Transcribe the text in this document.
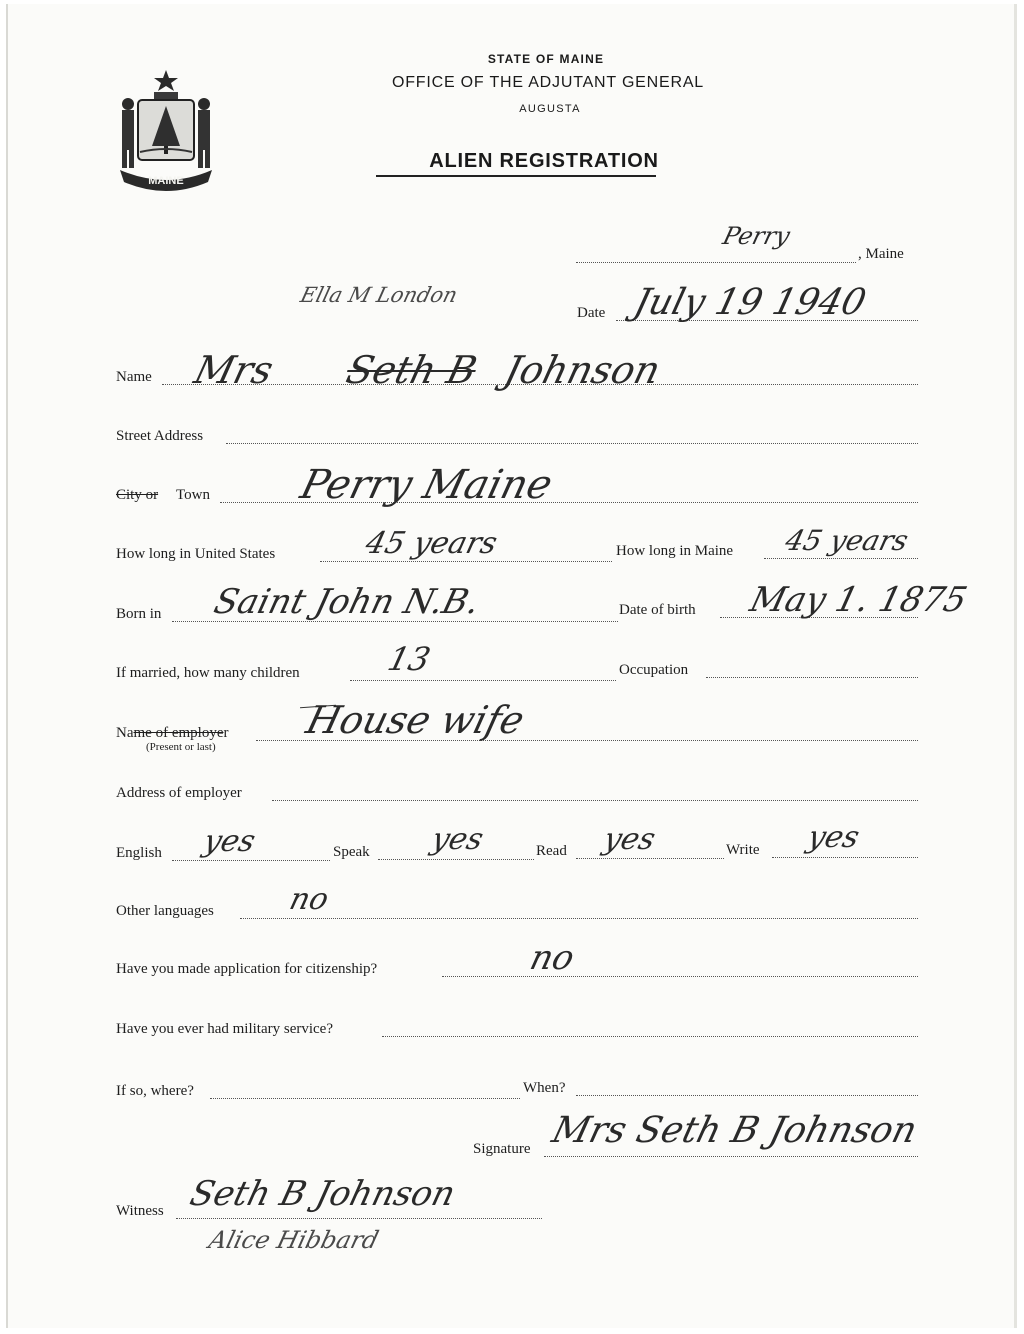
MAINE
STATE OF MAINE
OFFICE OF THE ADJUTANT GENERAL
AUGUSTA
ALIEN REGISTRATION
Perry
, Maine
Ella M London
Date July 19 1940
Name Mrs Seth B Johnson
Street Address
City or Town Perry Maine
How long in United States	45 years	How long in Maine 45 years
Born in Saint John N.B.	Date of birth May 1. 1875
If married, how many children	13	Occupation
Name of employer
(Present or last)
House wife
Address of employer
English yes	Speak yes	Read yes	Write yes
Other languages no
Have you made application for citizenship?	no
Have you ever had military service?
If so, where?	When?
Signature Mrs Seth B Johnson
Witness Seth B Johnson
Alice Hibbard
